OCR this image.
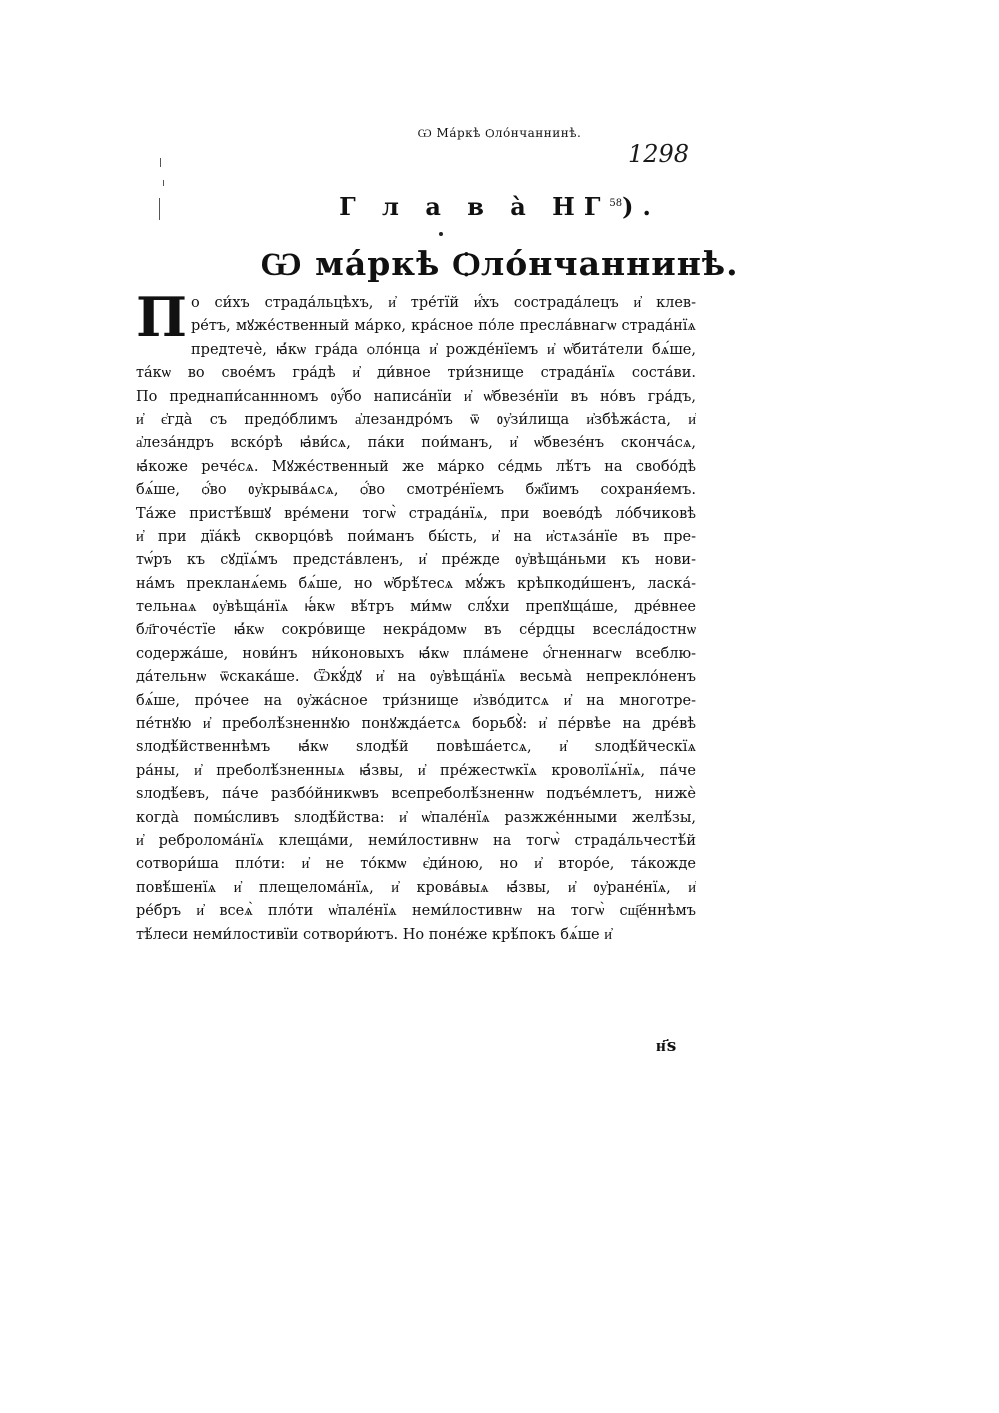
Ѡ Ма́ркѣ Ѻло́нчаннинѣ.
1298
Г л а в а̀ НГ$^{58}$).
Ѡ ма́ркѣ Ѻло́нчаннинѣ.
П о си́хъ страда́льцѣхъ, и҆ тре́тїй и҆́хъ сострада́лецъ и҆ клев-
ре́тъ, мꙋже́ственный ма́рко, кра́сное по́ле пресла́внагѡ страда́нїѧ
предтечѐ, ꙗ҆́кѡ гра́да ѻло́нца и҆ рожде́нїемъ и҆ ѡ҆бита́тели бѧ́ше,
та́кѡ во свое́мъ гра́дѣ и҆ ди́вное три́знище страда́нїѧ соста́ви.
По преднапи́саннномъ ᲂу҆́бо написа́нїи и҆ ѡ҆бвезе́нїи въ но́въ гра́дъ,
и҆ є҆гда̀ съ предо́блимъ а҆лезандро́мъ ѿ ᲂу҆зи́лища и҆збѣжа́ста, и҆
а҆леза́ндръ вско́рѣ ꙗ҆ви́сѧ, па́ки пои́манъ, и҆ ѡ҆бвезе́нъ сконча́сѧ,
ꙗ҆́коже рече́сѧ. Мꙋже́ственный же ма́рко се́дмь лѣ́тъ на свобо́дѣ
бѧ́ше, ѻ҆́во ᲂу҆крыва́ѧсѧ, ѻ҆́во смотре́нїемъ бж҃їимъ сохраня́емъ.
Та́же пристѣ́вшꙋ вре́мени тогѡ̀ страда́нїѧ, при воево́дѣ ло́бчиковѣ
и҆ при дїа́кѣ скворцо́вѣ пои́манъ бы́сть, и҆ на и҆стѧза́нїе въ пре-
тѡ́ръ къ сꙋдїѧ́мъ предста́вленъ, и҆ пре́жде ᲂу҆вѣща́ньми къ нови-
на́мъ прекланѧ́емь бѧ́ше, но ѡ҆брѣ́тесѧ мꙋ́жъ крѣпкоди́шенъ, ласка́-
тельнаѧ ᲂу҆вѣща́нїѧ ꙗ҆́кѡ вѣ́тръ ми́мѡ слꙋ́хи препꙋща́ше, дре́внее
бл҃гоче́стїе ꙗ҆́кѡ сокро́вище некра́домѡ въ се́рдцы всесла́достнѡ
содержа́ше, нови́нъ ни́коновыхъ ꙗ҆́кѡ пла́мене ѻ҆́гненнагѡ всеблю-
да́тельнѡ ѿскака́ше. Ѿкꙋ́дꙋ и҆ на ᲂу҆вѣща́нїѧ весьма̀ непрекло́ненъ
бѧ́ше, про́чее на ᲂу҆жа́сное три́знище и҆зво́дитсѧ и҆ на многотре-
пе́тнꙋю и҆ преболѣ́зненнꙋю понꙋжда́етсѧ борьбꙋ̀: и҆ пе́рвѣе на дре́вѣ
ѕлодѣ́йственнѣмъ ꙗ҆́кѡ ѕлодѣ́й повѣша́етсѧ, и҆ ѕлодѣ́йческїѧ
ра́ны, и҆ преболѣ́зненныѧ ꙗ҆́звы, и҆ пре́жестѡкїѧ кроволїѧ́нїѧ, па́че
ѕлодѣ́евъ, па́че разбо́йникѡвъ всепреболѣ́зненнѡ подъе́млетъ, нижѐ
когда̀ помы́сливъ ѕлодѣ́йства: и҆ ѡ҆пале́нїѧ разжже́нными желѣ́зы,
и҆ ребролома́нїѧ клеща́ми, неми́лостивнѡ на тогѡ̀ страда́льчестѣ́й
сотвори́ша пло́ти: и҆ не то́кмѡ є҆ди́ною, но и҆ второ́е, та́кожде
повѣ́шенїѧ и҆ плещелома́нїѧ, и҆ крова́выѧ ꙗ҆́звы, и҆ ᲂу҆ране́нїѧ, и҆
ре́бръ и҆ всеѧ̀ пло́ти ѡ҆пале́нїѧ неми́лостивнѡ на тогѡ̀ сщ҃е́ннѣмъ
тѣ́леси неми́лостивїи сотвори́ютъ. Но поне́же крѣ́покъ бѧ́ше и҆
н҃ѕ
